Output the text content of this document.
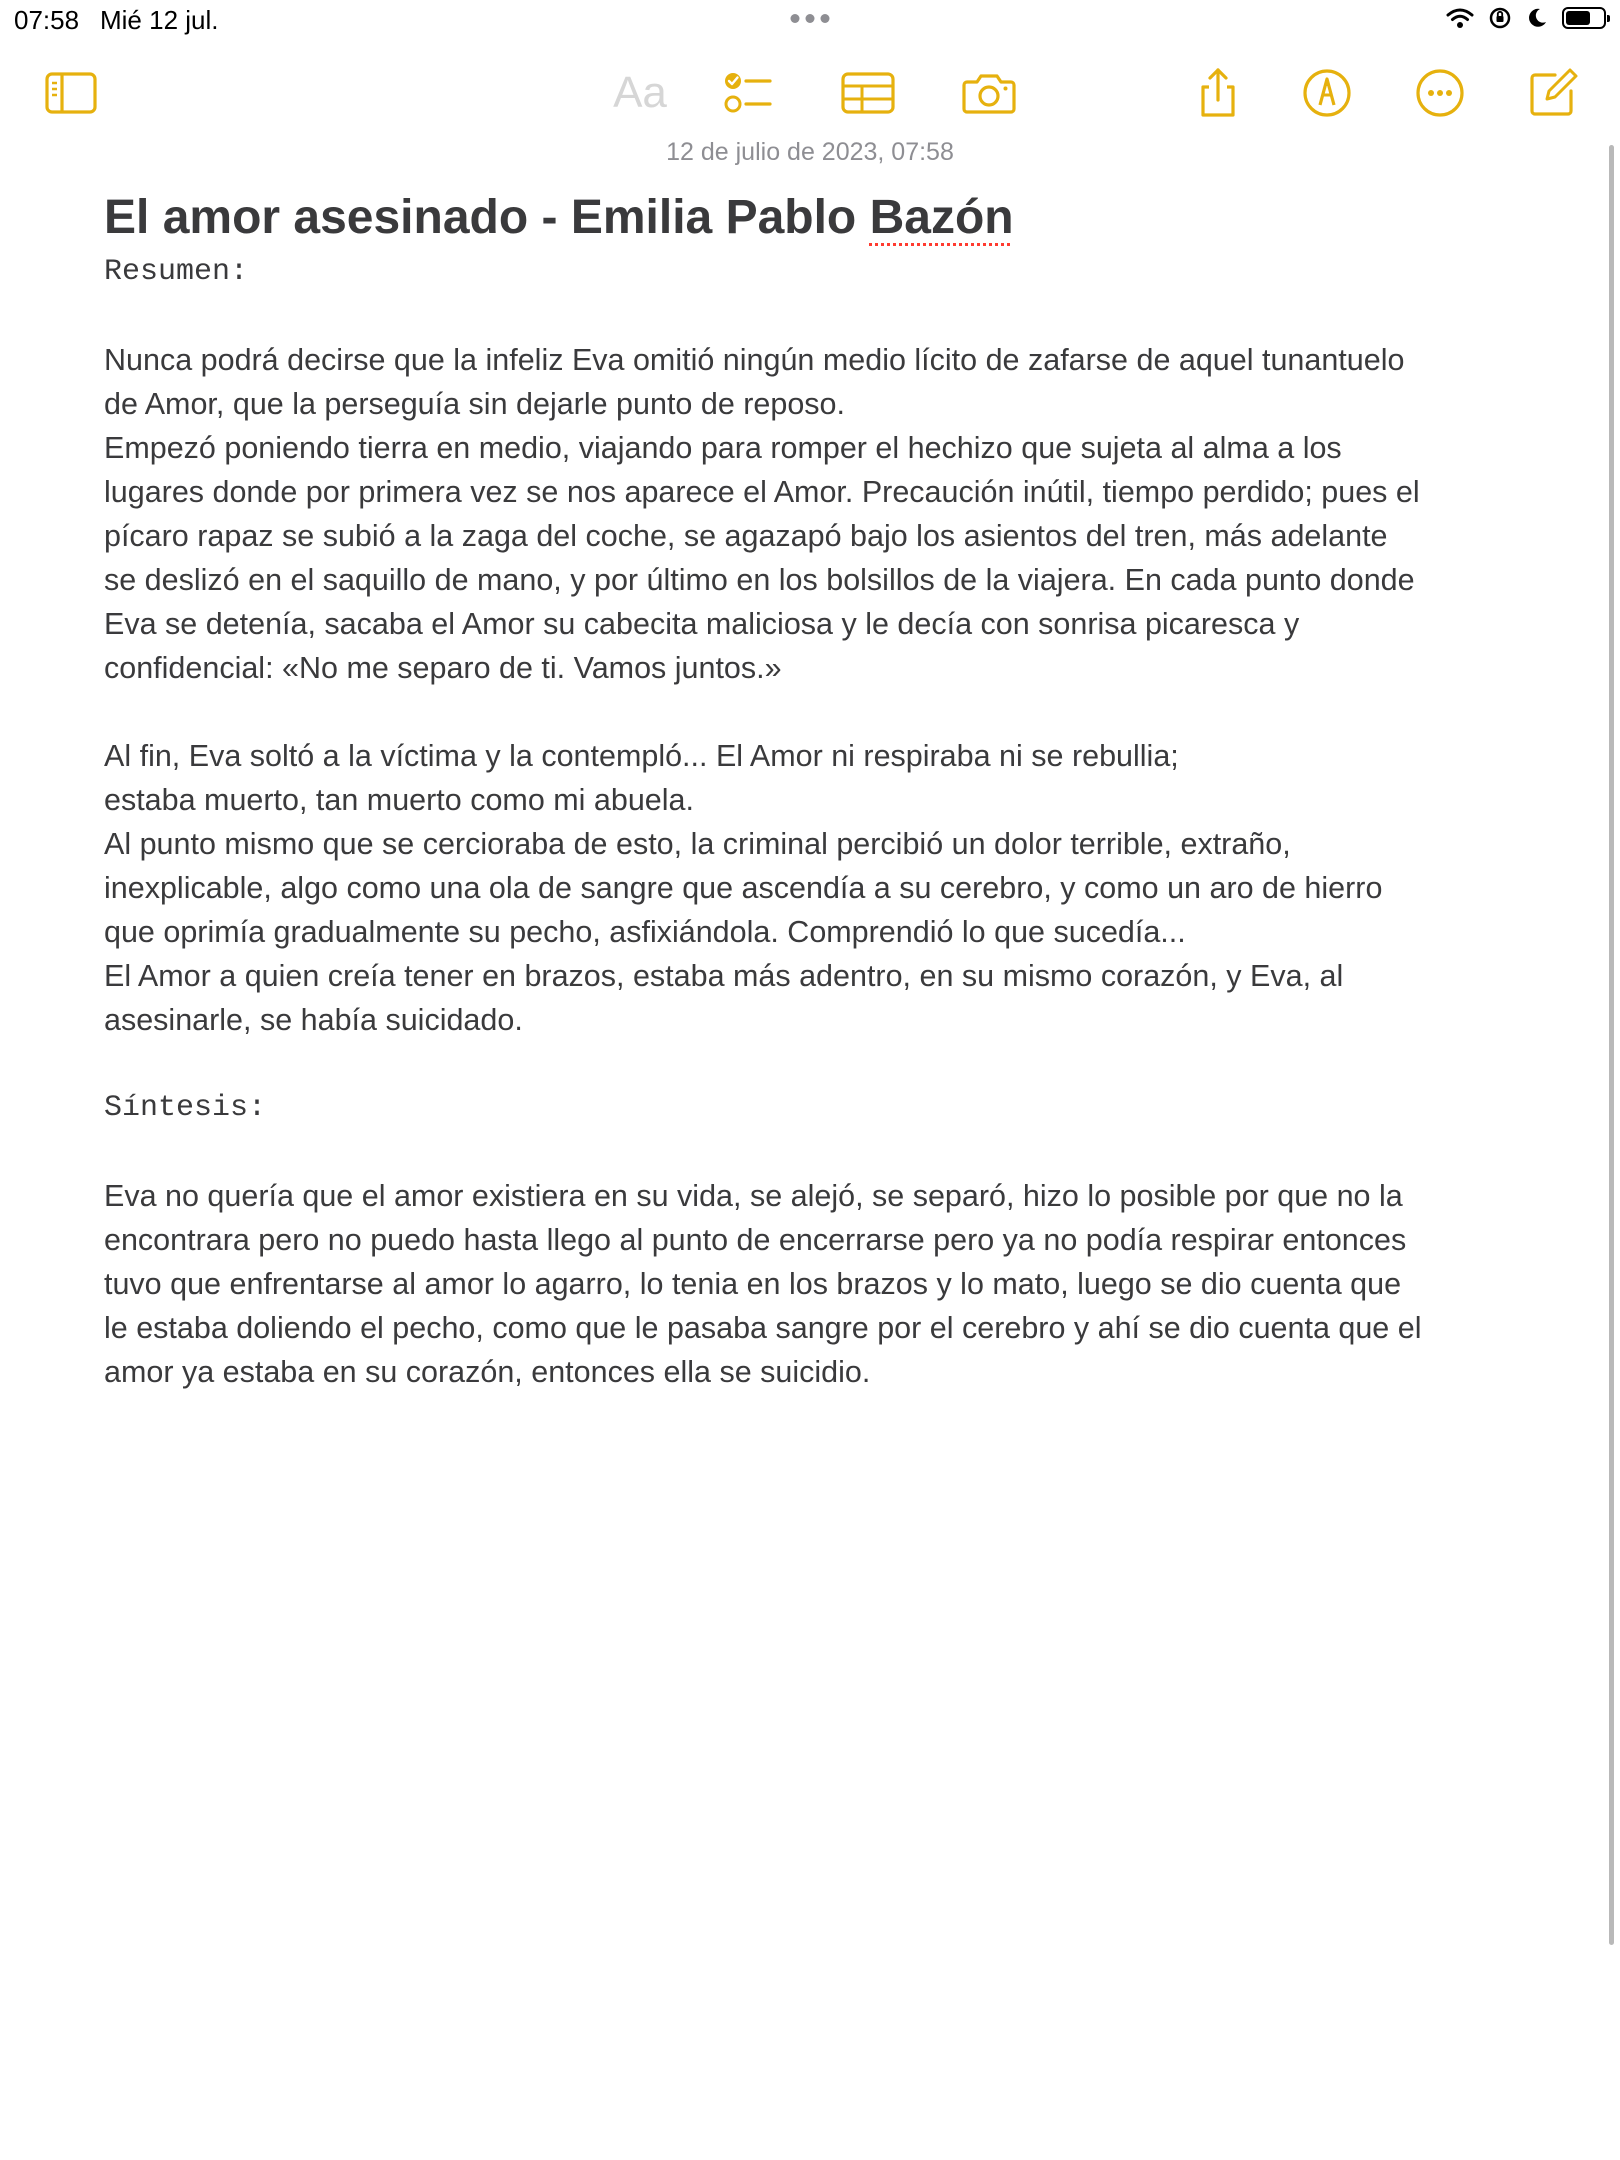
07:58 Mié 12 jul.
Aa
12 de julio de 2023, 07:58
El amor asesinado - Emilia Pablo Bazón

Resumen:

Nunca podrá decirse que la infeliz Eva omitió ningún medio lícito de zafarse de aquel tunantuelo

de Amor, que la perseguía sin dejarle punto de reposo.

Empezó poniendo tierra en medio, viajando para romper el hechizo que sujeta al alma a los

lugares donde por primera vez se nos aparece el Amor. Precaución inútil, tiempo perdido; pues el

pícaro rapaz se subió a la zaga del coche, se agazapó bajo los asientos del tren, más adelante

se deslizó en el saquillo de mano, y por último en los bolsillos de la viajera. En cada punto donde

Eva se detenía, sacaba el Amor su cabecita maliciosa y le decía con sonrisa picaresca y

confidencial: «No me separo de ti. Vamos juntos.»

Al fin, Eva soltó a la víctima y la contempló... El Amor ni respiraba ni se rebullia;

estaba muerto, tan muerto como mi abuela.

Al punto mismo que se cercioraba de esto, la criminal percibió un dolor terrible, extraño,

inexplicable, algo como una ola de sangre que ascendía a su cerebro, y como un aro de hierro

que oprimía gradualmente su pecho, asfixiándola. Comprendió lo que sucedía...

El Amor a quien creía tener en brazos, estaba más adentro, en su mismo corazón, y Eva, al

asesinarle, se había suicidado.

Síntesis:

Eva no quería que el amor existiera en su vida, se alejó, se separó, hizo lo posible por que no la

encontrara pero no puedo hasta llego al punto de encerrarse pero ya no podía respirar entonces

tuvo que enfrentarse al amor lo agarro, lo tenia en los brazos y lo mato, luego se dio cuenta que

le estaba doliendo el pecho, como que le pasaba sangre por el cerebro y ahí se dio cuenta que el

amor ya estaba en su corazón, entonces ella se suicidio.
